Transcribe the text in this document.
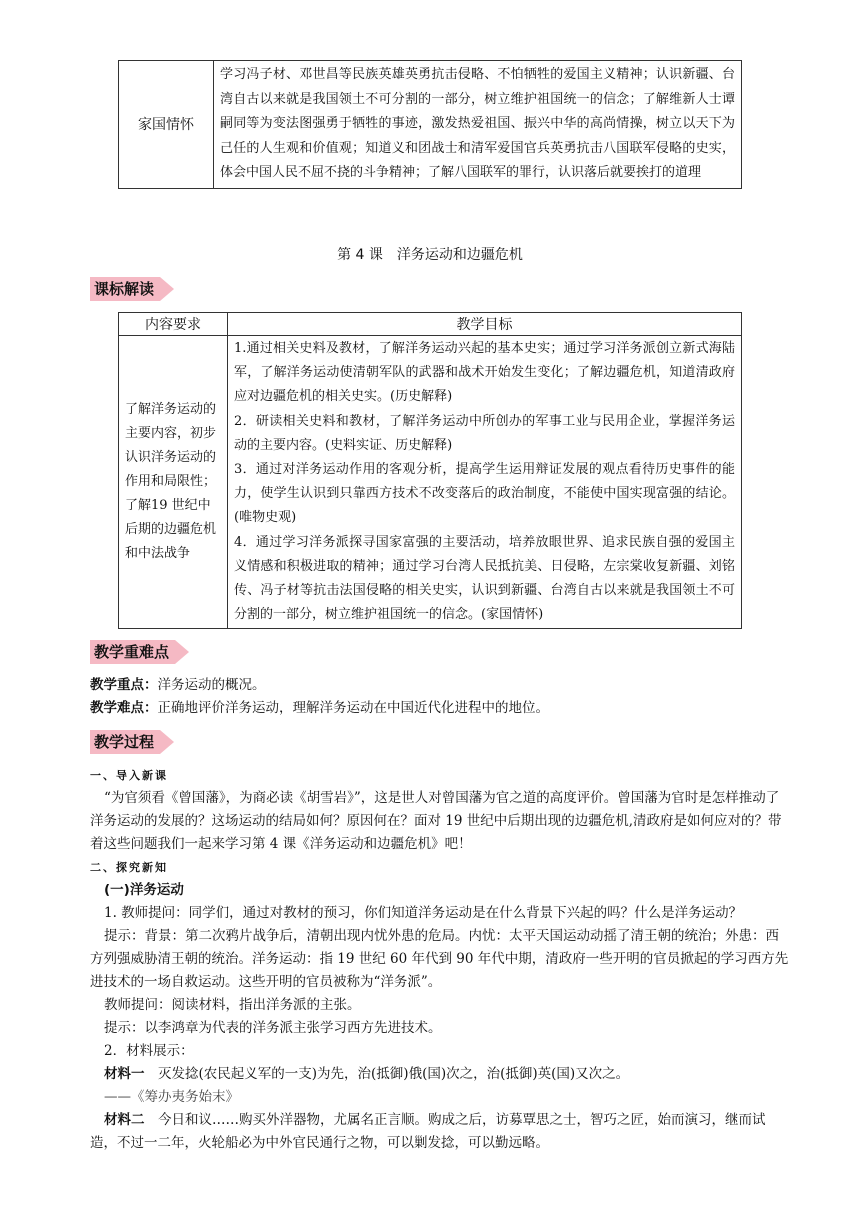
家国情怀	学习冯子材、邓世昌等民族英雄英勇抗击侵略、不怕牺牲的爱国主义精神；认识新疆、台湾自古以来就是我国领土不可分割的一部分，树立维护祖国统一的信念；了解维新人士谭嗣同等为变法图强勇于牺牲的事迹，激发热爱祖国、振兴中华的高尚情操，树立以天下为己任的人生观和价值观；知道义和团战士和清军爱国官兵英勇抗击八国联军侵略的史实，体会中国人民不屈不挠的斗争精神；了解八国联军的罪行，认识落后就要挨打的道理
第 4 课　洋务运动和边疆危机
课标解读
内容要求	教学目标
了解洋务运动的主要内容，初步认识洋务运动的作用和局限性；了解19 世纪中后期的边疆危机和中法战争	1.通过相关史料及教材，了解洋务运动兴起的基本史实；通过学习洋务派创立新式海陆军，了解洋务运动使清朝军队的武器和战术开始发生变化；了解边疆危机，知道清政府应对边疆危机的相关史实。(历史解释)

2．研读相关史料和教材，了解洋务运动中所创办的军事工业与民用企业，掌握洋务运动的主要内容。(史料实证、历史解释)

3．通过对洋务运动作用的客观分析，提高学生运用辩证发展的观点看待历史事件的能力，使学生认识到只靠西方技术不改变落后的政治制度，不能使中国实现富强的结论。(唯物史观)

4．通过学习洋务派探寻国家富强的主要活动，培养放眼世界、追求民族自强的爱国主义情感和积极进取的精神；通过学习台湾人民抵抗美、日侵略，左宗棠收复新疆、刘铭传、冯子材等抗击法国侵略的相关史实，认识到新疆、台湾自古以来就是我国领土不可分割的一部分，树立维护祖国统一的信念。(家国情怀)

教学重难点

教学重点：洋务运动的概况。

教学难点：正确地评价洋务运动，理解洋务运动在中国近代化进程中的地位。

教学过程

一、导入新课

“为官须看《曾国藩》，为商必读《胡雪岩》”，这是世人对曾国藩为官之道的高度评价。曾国藩为官时是怎样推动了洋务运动的发展的？这场运动的结局如何？原因何在？面对 19 世纪中后期出现的边疆危机,清政府是如何应对的？带着这些问题我们一起来学习第 4 课《洋务运动和边疆危机》吧！

二、探究新知

(一)洋务运动

1. 教师提问：同学们，通过对教材的预习，你们知道洋务运动是在什么背景下兴起的吗？什么是洋务运动？

提示：背景：第二次鸦片战争后，清朝出现内忧外患的危局。内忧：太平天国运动动摇了清王朝的统治；外患：西方列强威胁清王朝的统治。洋务运动：指 19 世纪 60 年代到 90 年代中期，清政府一些开明的官员掀起的学习西方先进技术的一场自救运动。这些开明的官员被称为“洋务派”。

教师提问：阅读材料，指出洋务派的主张。

提示：以李鸿章为代表的洋务派主张学习西方先进技术。

2．材料展示：

材料一　 灭发捻(农民起义军的一支)为先，治(抵御)俄(国)次之，治(抵御)英(国)又次之。

——《筹办夷务始末》

材料二　 今日和议……购买外洋器物，尤属名正言顺。购成之后，访募覃思之士，智巧之匠，始而演习，继而试造，不过一二年，火轮船必为中外官民通行之物，可以剿发捻，可以勤远略。
